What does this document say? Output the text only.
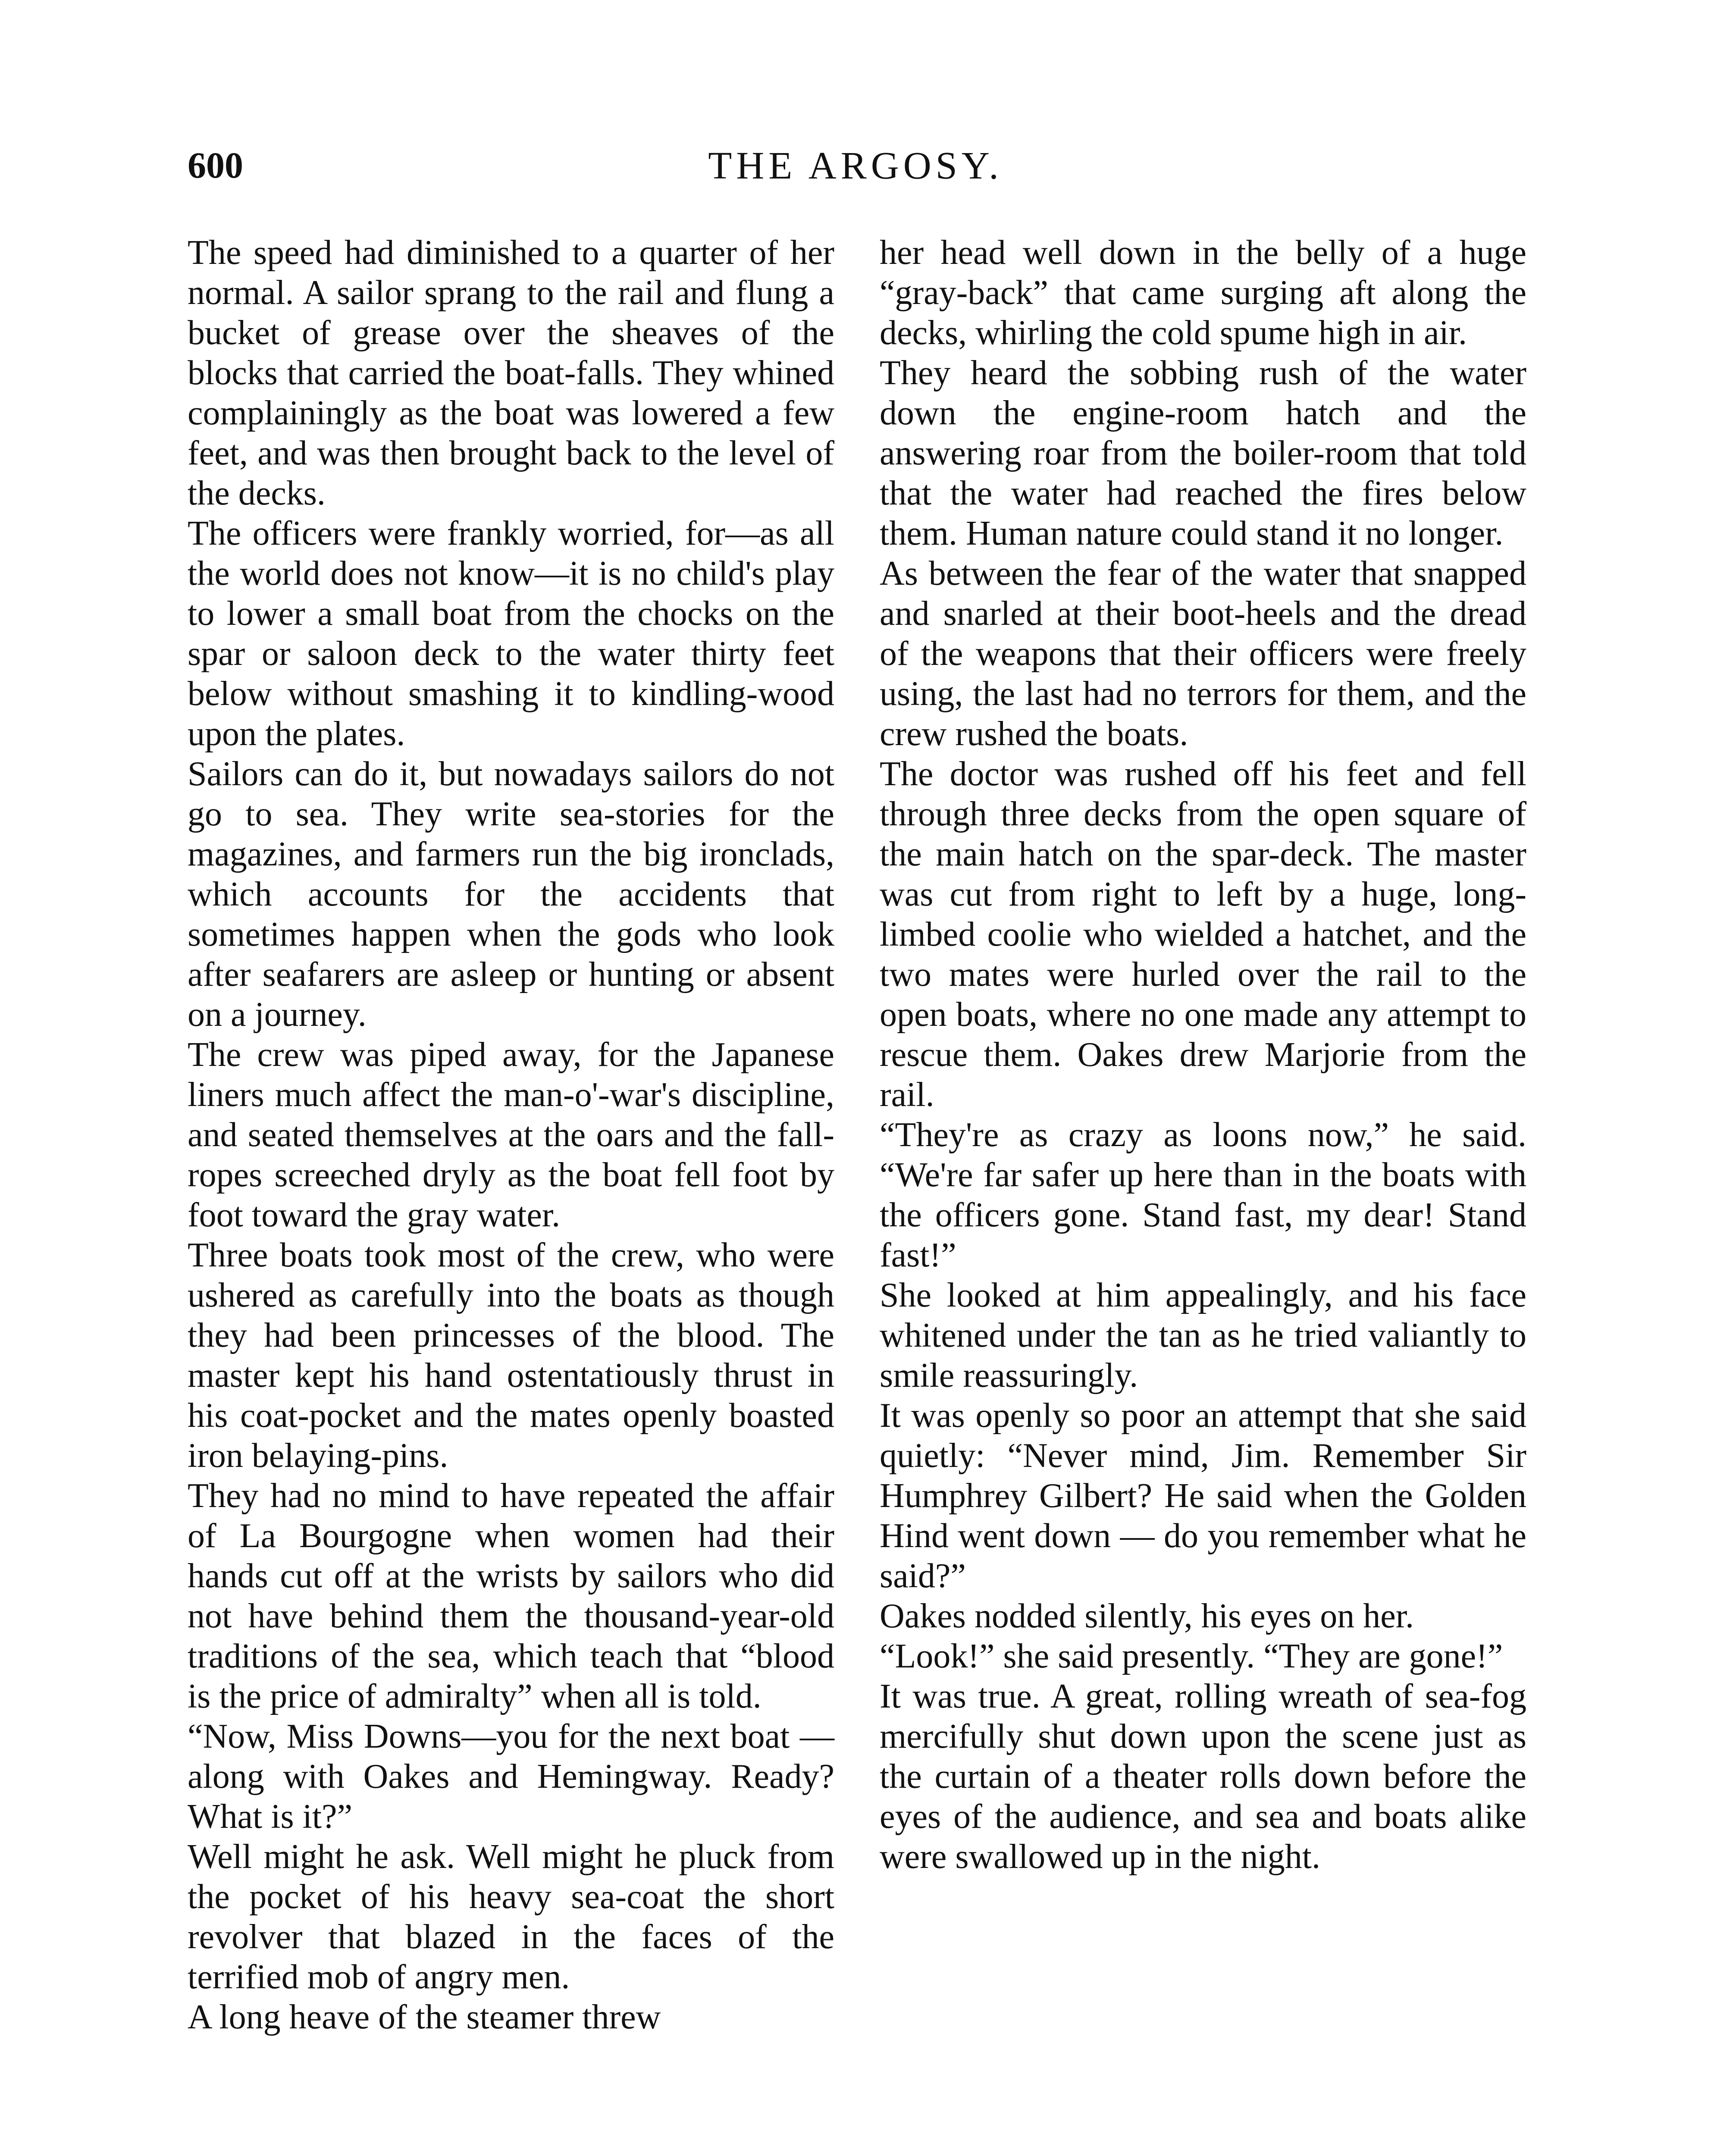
600	THE ARGOSY.

The speed had diminished to a quarter of her normal. A sailor sprang to the rail and flung a bucket of grease over the sheaves of the blocks that carried the boat-falls. They whined complainingly as the boat was lowered a few feet, and was then brought back to the level of the decks.

The officers were frankly worried, for—as all the world does not know—it is no child's play to lower a small boat from the chocks on the spar or saloon deck to the water thirty feet below without smashing it to kindling-wood upon the plates.

Sailors can do it, but nowadays sailors do not go to sea. They write sea-stories for the magazines, and farmers run the big ironclads, which accounts for the accidents that sometimes happen when the gods who look after seafarers are asleep or hunting or absent on a journey.

The crew was piped away, for the Japanese liners much affect the man-o'-war's discipline, and seated themselves at the oars and the fall-ropes screeched dryly as the boat fell foot by foot toward the gray water.

Three boats took most of the crew, who were ushered as carefully into the boats as though they had been princesses of the blood. The master kept his hand ostentatiously thrust in his coat-pocket and the mates openly boasted iron belaying-pins.

They had no mind to have repeated the affair of La Bourgogne when women had their hands cut off at the wrists by sailors who did not have behind them the thousand-year-old traditions of the sea, which teach that “blood is the price of admiralty” when all is told.

“Now, Miss Downs—you for the next boat — along with Oakes and Hemingway. Ready? What is it?”

Well might he ask. Well might he pluck from the pocket of his heavy sea-coat the short revolver that blazed in the faces of the terrified mob of angry men.

A long heave of the steamer threw

her head well down in the belly of a huge “gray-back” that came surging aft along the decks, whirling the cold spume high in air.

They heard the sobbing rush of the water down the engine-room hatch and the answering roar from the boiler-room that told that the water had reached the fires below them. Human nature could stand it no longer.

As between the fear of the water that snapped and snarled at their boot-heels and the dread of the weapons that their officers were freely using, the last had no terrors for them, and the crew rushed the boats.

The doctor was rushed off his feet and fell through three decks from the open square of the main hatch on the spar-deck. The master was cut from right to left by a huge, long-limbed coolie who wielded a hatchet, and the two mates were hurled over the rail to the open boats, where no one made any attempt to rescue them. Oakes drew Marjorie from the rail.

“They're as crazy as loons now,” he said. “We're far safer up here than in the boats with the officers gone. Stand fast, my dear! Stand fast!”

She looked at him appealingly, and his face whitened under the tan as he tried valiantly to smile reassuringly.

It was openly so poor an attempt that she said quietly: “Never mind, Jim. Remember Sir Humphrey Gilbert? He said when the Golden Hind went down — do you remember what he said?”

Oakes nodded silently, his eyes on her.

“Look!” she said presently. “They are gone!”

It was true. A great, rolling wreath of sea-fog mercifully shut down upon the scene just as the curtain of a theater rolls down before the eyes of the audience, and sea and boats alike were swallowed up in the night.
